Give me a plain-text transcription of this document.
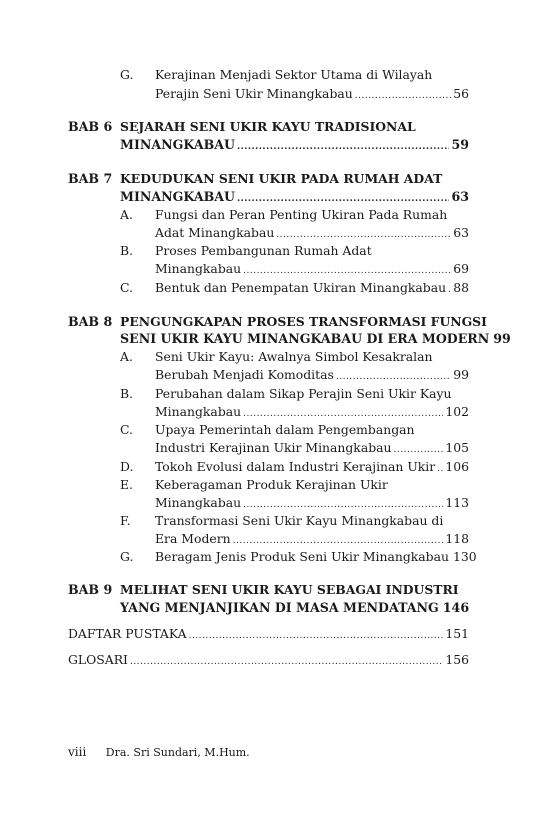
G. Kerajinan Menjadi Sektor Utama di Wilayah
Perajin Seni Ukir Minangkabau .....	56
BAB 6 SEJARAH SENI UKIR KAYU TRADISIONAL
MINANGKABAU .....	59
BAB 7 KEDUDUKAN SENI UKIR PADA RUMAH ADAT
MINANGKABAU .....	63
A. Fungsi dan Peran Penting Ukiran Pada Rumah
Adat Minangkabau .....	63
B. Proses Pembangunan Rumah Adat
Minangkabau .....	69
C. Bentuk dan Penempatan Ukiran Minangkabau ..... 88
BAB 8 PENGUNGKAPAN PROSES TRANSFORMASI FUNGSI
SENI UKIR KAYU MINANGKABAU DI ERA MODERN 99
A. Seni Ukir Kayu: Awalnya Simbol Kesakralan
Berubah Menjadi Komoditas .....	99
B. Perubahan dalam Sikap Perajin Seni Ukir Kayu
Minangkabau .....	102
C. Upaya Pemerintah dalam Pengembangan
Industri Kerajinan Ukir Minangkabau .....	105
D. Tokoh Evolusi dalam Industri Kerajinan Ukir ..... 106
E. Keberagaman Produk Kerajinan Ukir
Minangkabau .....	113
F. Transformasi Seni Ukir Kayu Minangkabau di
Era Modern .....	118
G. Beragam Jenis Produk Seni Ukir Minangkabau 130
BAB 9 MELIHAT SENI UKIR KAYU SEBAGAI INDUSTRI
YANG MENJANJIKAN DI MASA MENDATANG 146
DAFTAR PUSTAKA .....	151
GLOSARI .....	156
viii Dra. Sri Sundari, M.Hum.
